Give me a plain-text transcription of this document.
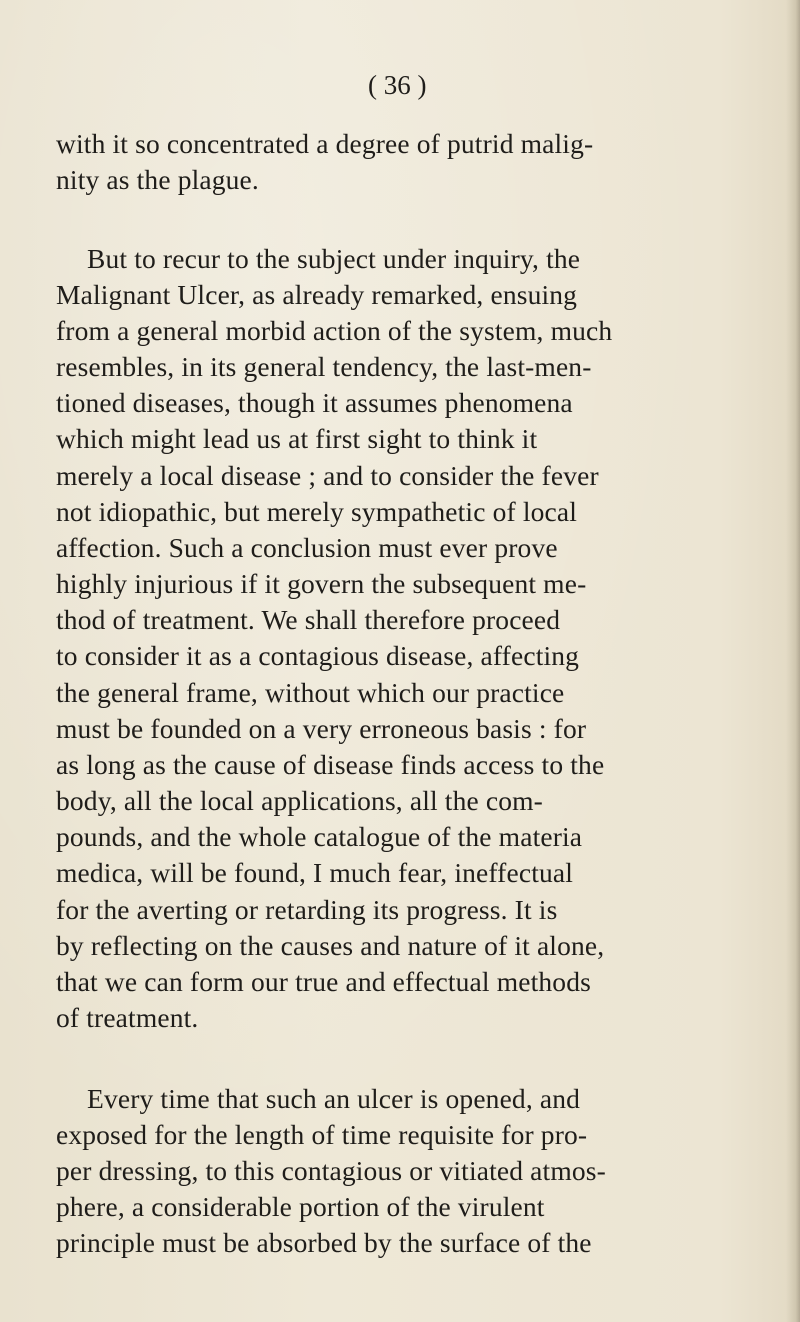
( 36 )
with it so concentrated a degree of putrid malig-
nity as the plague.
But to recur to the subject under inquiry, the
Malignant Ulcer, as already remarked, ensuing
from a general morbid action of the system, much
resembles, in its general tendency, the last-men-
tioned diseases, though it assumes phenomena
which might lead us at first sight to think it
merely a local disease ; and to consider the fever
not idiopathic, but merely sympathetic of local
affection. Such a conclusion must ever prove
highly injurious if it govern the subsequent me-
thod of treatment. We shall therefore proceed
to consider it as a contagious disease, affecting
the general frame, without which our practice
must be founded on a very erroneous basis : for
as long as the cause of disease finds access to the
body, all the local applications, all the com-
pounds, and the whole catalogue of the materia
medica, will be found, I much fear, ineffectual
for the averting or retarding its progress. It is
by reflecting on the causes and nature of it alone,
that we can form our true and effectual methods
of treatment.
Every time that such an ulcer is opened, and
exposed for the length of time requisite for pro-
per dressing, to this contagious or vitiated atmos-
phere, a considerable portion of the virulent
principle must be absorbed by the surface of the
